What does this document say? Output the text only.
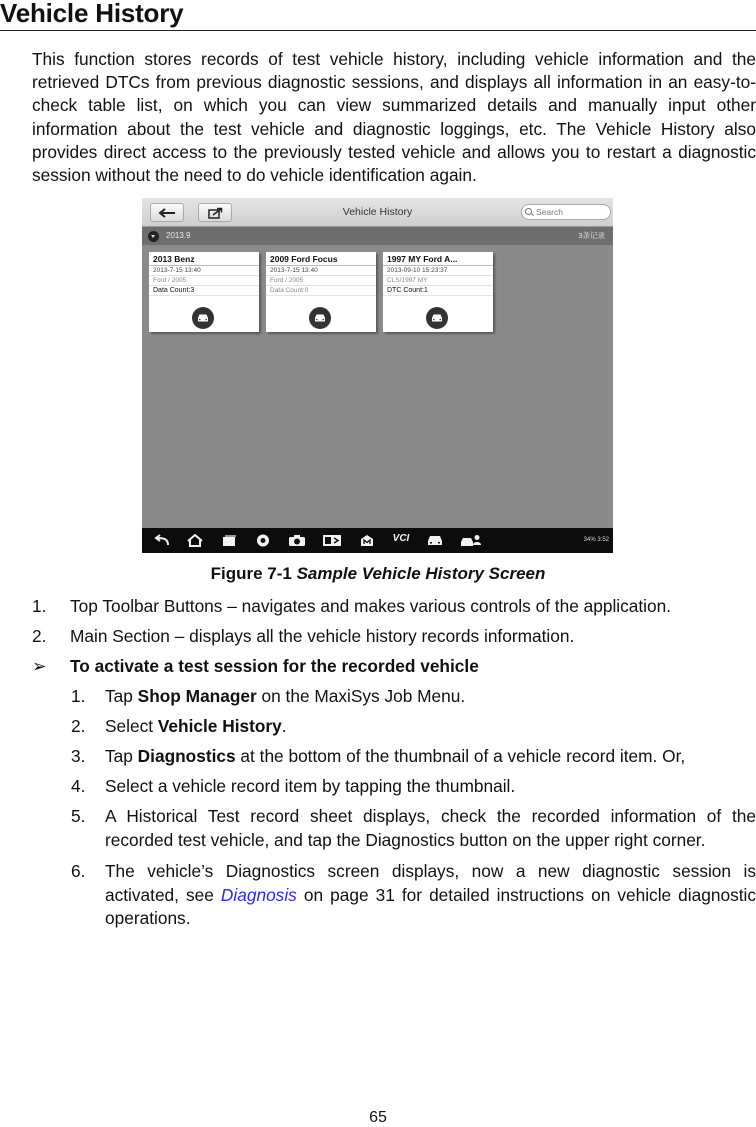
Vehicle History

This function stores records of test vehicle history, including vehicle information and the retrieved DTCs from previous diagnostic sessions, and displays all information in an easy-to-check table list, on which you can view summarized details and manually input other information about the test vehicle and diagnostic loggings, etc. The Vehicle History also provides direct access to the previously tested vehicle and allows you to restart a diagnostic session without the need to do vehicle identification again.

Vehicle History	Search
2013.9	3条记录
2013 Benz
2013-7-15 13:40
Ford / 2005
Data Count:3
2009 Ford Focus
2013-7-15 13:40
Ford / 2005
Data Count:0
1997 MY Ford A...
2013-09-10 15:23:37
CLS/1997 MY
DTC Count:1
VCI	34% 3:52
Figure 7-1 Sample Vehicle History Screen
1. Top Toolbar Buttons – navigates and makes various controls of the application.
2. Main Section – displays all the vehicle history records information.
➢ To activate a test session for the recorded vehicle
1. Tap Shop Manager on the MaxiSys Job Menu.
2. Select Vehicle History.
3. Tap Diagnostics at the bottom of the thumbnail of a vehicle record item. Or,
4. Select a vehicle record item by tapping the thumbnail.
5. A Historical Test record sheet displays, check the recorded information of the recorded test vehicle, and tap the Diagnostics button on the upper right corner.
6. The vehicle’s Diagnostics screen displays, now a new diagnostic session is activated, see Diagnosis on page 31 for detailed instructions on vehicle diagnostic operations.
65
